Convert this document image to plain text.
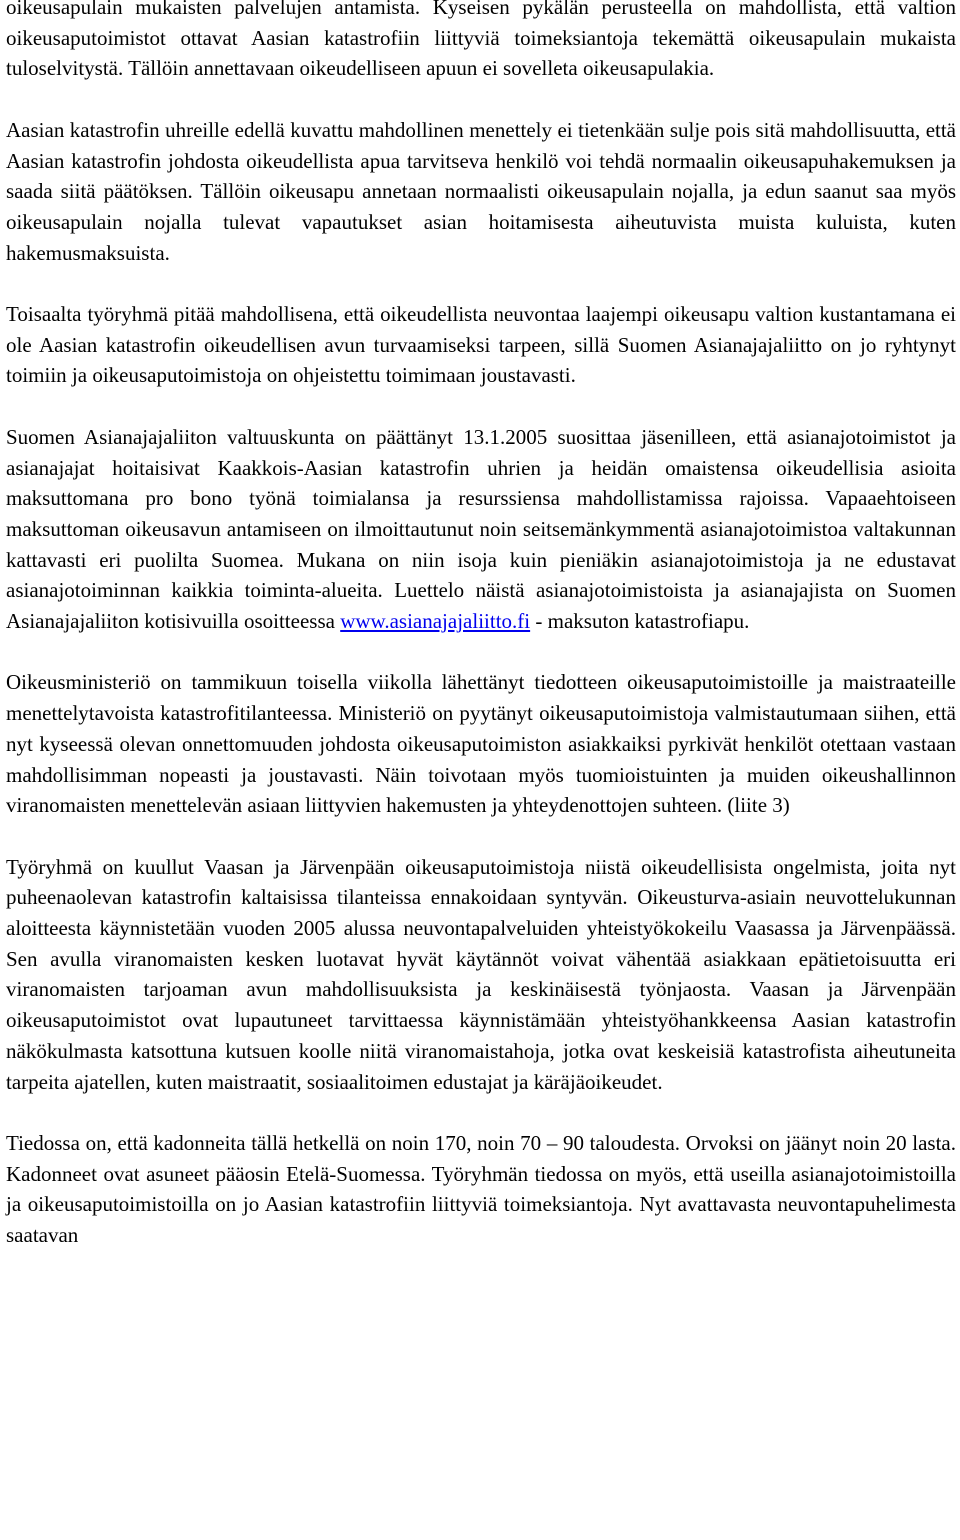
oikeusapulain mukaisten palvelujen antamista. Kyseisen pykälän perusteella on mahdollista, että valtion oikeusaputoimistot ottavat Aasian katastrofiin liittyviä toimeksiantoja tekemättä oikeusapulain mukaista tuloselvitystä. Tällöin annettavaan oikeudelliseen apuun ei sovelleta oikeusapulakia.

Aasian katastrofin uhreille edellä kuvattu mahdollinen menettely ei tietenkään sulje pois sitä mahdollisuutta, että Aasian katastrofin johdosta oikeudellista apua tarvitseva henkilö voi tehdä normaalin oikeusapuhakemuksen ja saada siitä päätöksen. Tällöin oikeusapu annetaan normaalisti oikeusapulain nojalla, ja edun saanut saa myös oikeusapulain nojalla tulevat vapautukset asian hoitamisesta aiheutuvista muista kuluista, kuten hakemusmaksuista.

Toisaalta työryhmä pitää mahdollisena, että oikeudellista neuvontaa laajempi oikeusapu valtion kustantamana ei ole Aasian katastrofin oikeudellisen avun turvaamiseksi tarpeen, sillä Suomen Asianajajaliitto on jo ryhtynyt toimiin ja oikeusaputoimistoja on ohjeistettu toimimaan joustavasti.

Suomen Asianajajaliiton valtuuskunta on päättänyt 13.1.2005 suosittaa jäsenilleen, että asianajotoimistot ja asianajajat hoitaisivat Kaakkois-Aasian katastrofin uhrien ja heidän omaistensa oikeudellisia asioita maksuttomana pro bono työnä toimialansa ja resurssiensa mahdollistamissa rajoissa. Vapaaehtoiseen maksuttoman oikeusavun antamiseen on ilmoittautunut noin seitsemänkymmentä asianajotoimistoa valtakunnan kattavasti eri puolilta Suomea. Mukana on niin isoja kuin pieniäkin asianajotoimistoja ja ne edustavat asianajotoiminnan kaikkia toiminta-alueita. Luettelo näistä asianajotoimistoista ja asianajajista on Suomen Asianajajaliiton kotisivuilla osoitteessa www.asianajajaliitto.fi - maksuton katastrofiapu.

Oikeusministeriö on tammikuun toisella viikolla lähettänyt tiedotteen oikeusaputoimistoille ja maistraateille menettelytavoista katastrofitilanteessa. Ministeriö on pyytänyt oikeusaputoimistoja valmistautumaan siihen, että nyt kyseessä olevan onnettomuuden johdosta oikeusaputoimiston asiakkaiksi pyrkivät henkilöt otettaan vastaan mahdollisimman nopeasti ja joustavasti. Näin toivotaan myös tuomioistuinten ja muiden oikeushallinnon viranomaisten menettelevän asiaan liittyvien hakemusten ja yhteydenottojen suhteen. (liite 3)

Työryhmä on kuullut Vaasan ja Järvenpään oikeusaputoimistoja niistä oikeudellisista ongelmista, joita nyt puheenaolevan katastrofin kaltaisissa tilanteissa ennakoidaan syntyvän. Oikeusturva-asiain neuvottelukunnan aloitteesta käynnistetään vuoden 2005 alussa neuvontapalveluiden yhteistyökokeilu Vaasassa ja Järvenpäässä. Sen avulla viranomaisten kesken luotavat hyvät käytännöt voivat vähentää asiakkaan epätietoisuutta eri viranomaisten tarjoaman avun mahdollisuuksista ja keskinäisestä työnjaosta. Vaasan ja Järvenpään oikeusaputoimistot ovat lupautuneet tarvittaessa käynnistämään yhteistyöhankkeensa Aasian katastrofin näkökulmasta katsottuna kutsuen koolle niitä viranomaistahoja, jotka ovat keskeisiä katastrofista aiheutuneita tarpeita ajatellen, kuten maistraatit, sosiaalitoimen edustajat ja käräjäoikeudet.

Tiedossa on, että kadonneita tällä hetkellä on noin 170, noin 70 – 90 taloudesta. Orvoksi on jäänyt noin 20 lasta. Kadonneet ovat asuneet pääosin Etelä-Suomessa. Työryhmän tiedossa on myös, että useilla asianajotoimistoilla ja oikeusaputoimistoilla on jo Aasian katastrofiin liittyviä toimeksiantoja. Nyt avattavasta neuvontapuhelimesta saatavan
